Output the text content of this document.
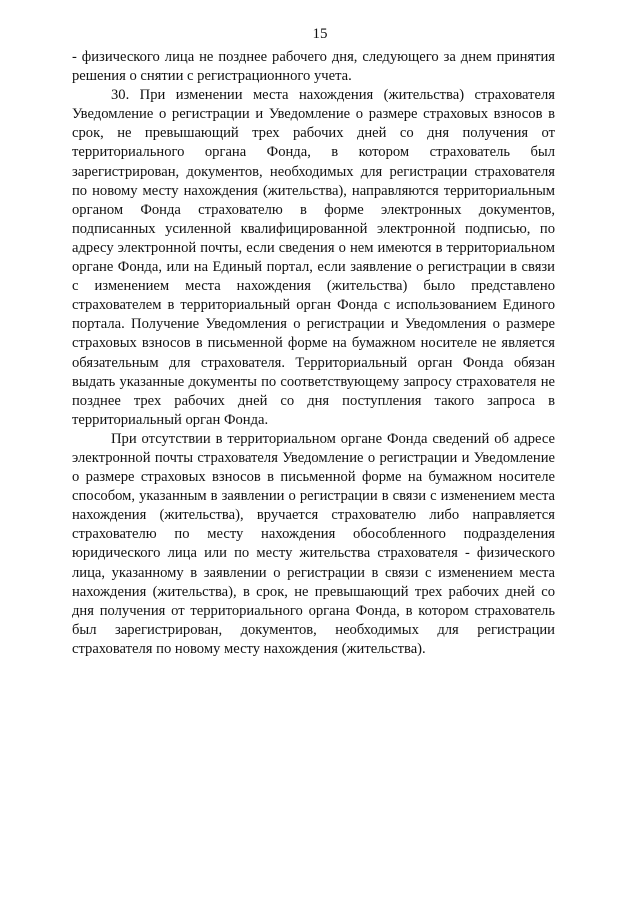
15

- физического лица не позднее рабочего дня, следующего за днем принятия решения о снятии с регистрационного учета.

30. При изменении места нахождения (жительства) страхователя Уведомление о регистрации и Уведомление о размере страховых взносов в срок, не превышающий трех рабочих дней со дня получения от территориального органа Фонда, в котором страхователь был зарегистрирован, документов, необходимых для регистрации страхователя по новому месту нахождения (жительства), направляются территориальным органом Фонда страхователю в форме электронных документов, подписанных усиленной квалифицированной электронной подписью, по адресу электронной почты, если сведения о нем имеются в территориальном органе Фонда, или на Единый портал, если заявление о регистрации в связи с изменением места нахождения (жительства) было представлено страхователем в территориальный орган Фонда с использованием Единого портала. Получение Уведомления о регистрации и Уведомления о размере страховых взносов в письменной форме на бумажном носителе не является обязательным для страхователя. Территориальный орган Фонда обязан выдать указанные документы по соответствующему запросу страхователя не позднее трех рабочих дней со дня поступления такого запроса в территориальный орган Фонда.

При отсутствии в территориальном органе Фонда сведений об адресе электронной почты страхователя Уведомление о регистрации и Уведомление о размере страховых взносов в письменной форме на бумажном носителе способом, указанным в заявлении о регистрации в связи с изменением места нахождения (жительства), вручается страхователю либо направляется страхователю по месту нахождения обособленного подразделения юридического лица или по месту жительства страхователя - физического лица, указанному в заявлении о регистрации в связи с изменением места нахождения (жительства), в срок, не превышающий трех рабочих дней со дня получения от территориального органа Фонда, в котором страхователь был зарегистрирован, документов, необходимых для регистрации страхователя по новому месту нахождения (жительства).
